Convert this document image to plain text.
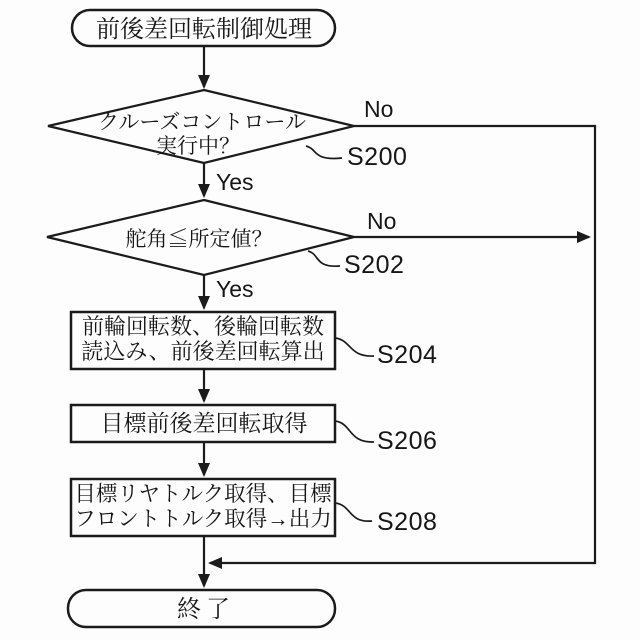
前後差回転制御処理
クルーズコントロール
実行中？
No
Yes
S200
舵角≦所定値？
No
Yes
S202
前輪回転数、後輪回転数
読込み、前後差回転算出 S204
目標前後差回転取得
S206
目標リヤトルク取得、目標
フロントトルク取得→出力 S208
終了
